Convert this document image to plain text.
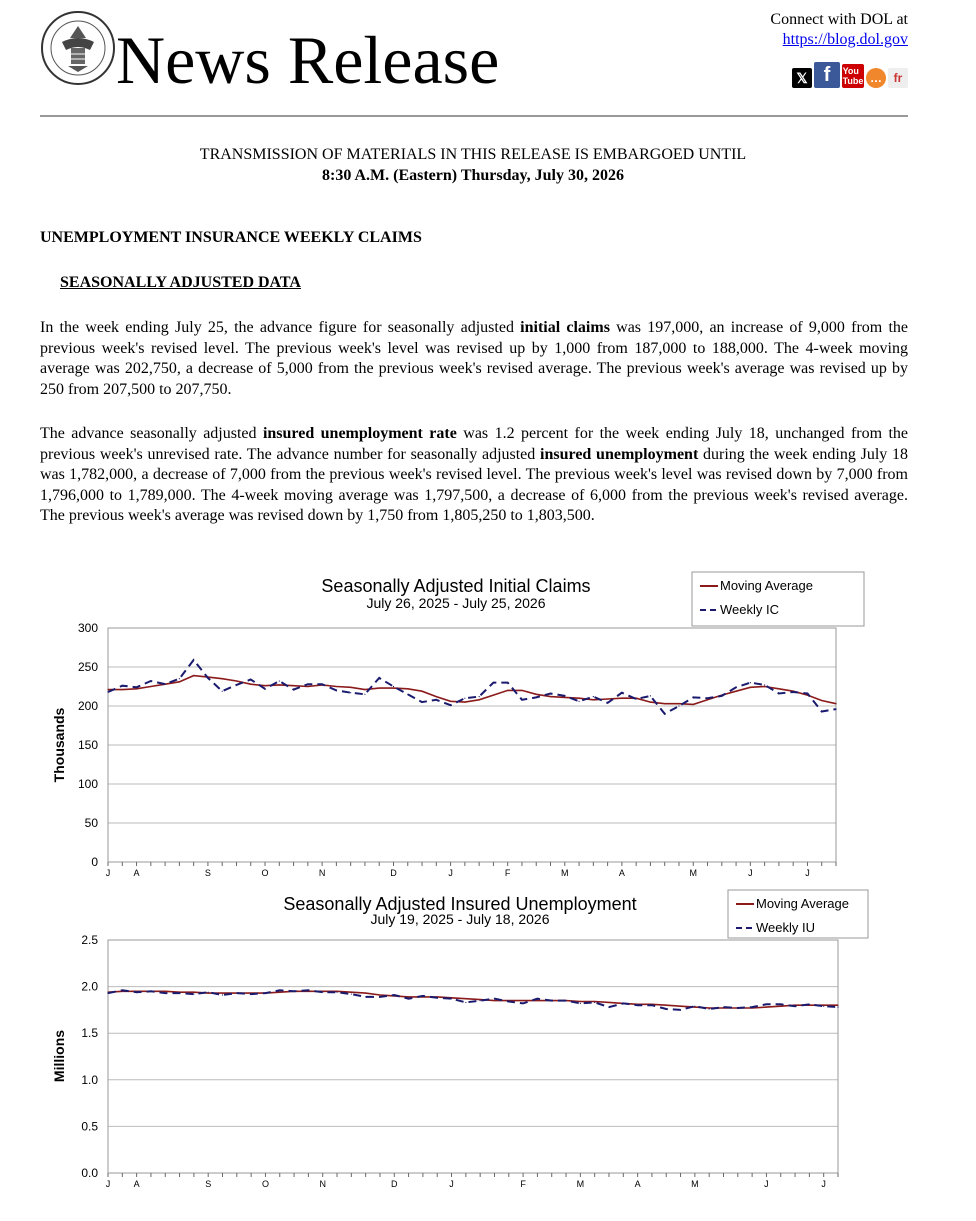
News Release
Connect with DOL at
https://blog.dol.gov
𝕏 f	You
Tube … fr
TRANSMISSION OF MATERIALS IN THIS RELEASE IS EMBARGOED UNTIL
8:30 A.M. (Eastern) Thursday, July 30, 2026
UNEMPLOYMENT INSURANCE WEEKLY CLAIMS
SEASONALLY ADJUSTED DATA
In the week ending July 25, the advance figure for seasonally adjusted initial claims was 197,000, an increase of 9,000 from the previous week's revised level. The previous week's level was revised up by 1,000 from 187,000 to 188,000. The 4-week moving average was 202,750, a decrease of 5,000 from the previous week's revised average. The previous week's average was revised up by 250 from 207,500 to 207,750.
The advance seasonally adjusted insured unemployment rate was 1.2 percent for the week ending July 18, unchanged from the previous week's unrevised rate. The advance number for seasonally adjusted insured unemployment during the week ending July 18 was 1,782,000, a decrease of 7,000 from the previous week's revised level. The previous week's level was revised down by 7,000 from 1,796,000 to 1,789,000. The 4-week moving average was 1,797,500, a decrease of 6,000 from the previous week's revised average. The previous week's average was revised down by 1,750 from 1,805,250 to 1,803,500.
Seasonally Adjusted Initial Claims
July 26, 2025 - July 25, 2026
0
50
100
150
200
250
300
J	A	S	O	N	D	J	F	M	A	M	J	J
Thousands
Moving Average
Weekly IC
Seasonally Adjusted Insured Unemployment
July 19, 2025 - July 18, 2026
0.0
0.5
1.0
1.5
2.0
2.5
J	A	S	O	N	D	J	F	M	A	M	J	J
Millions
Moving Average
Weekly IU
